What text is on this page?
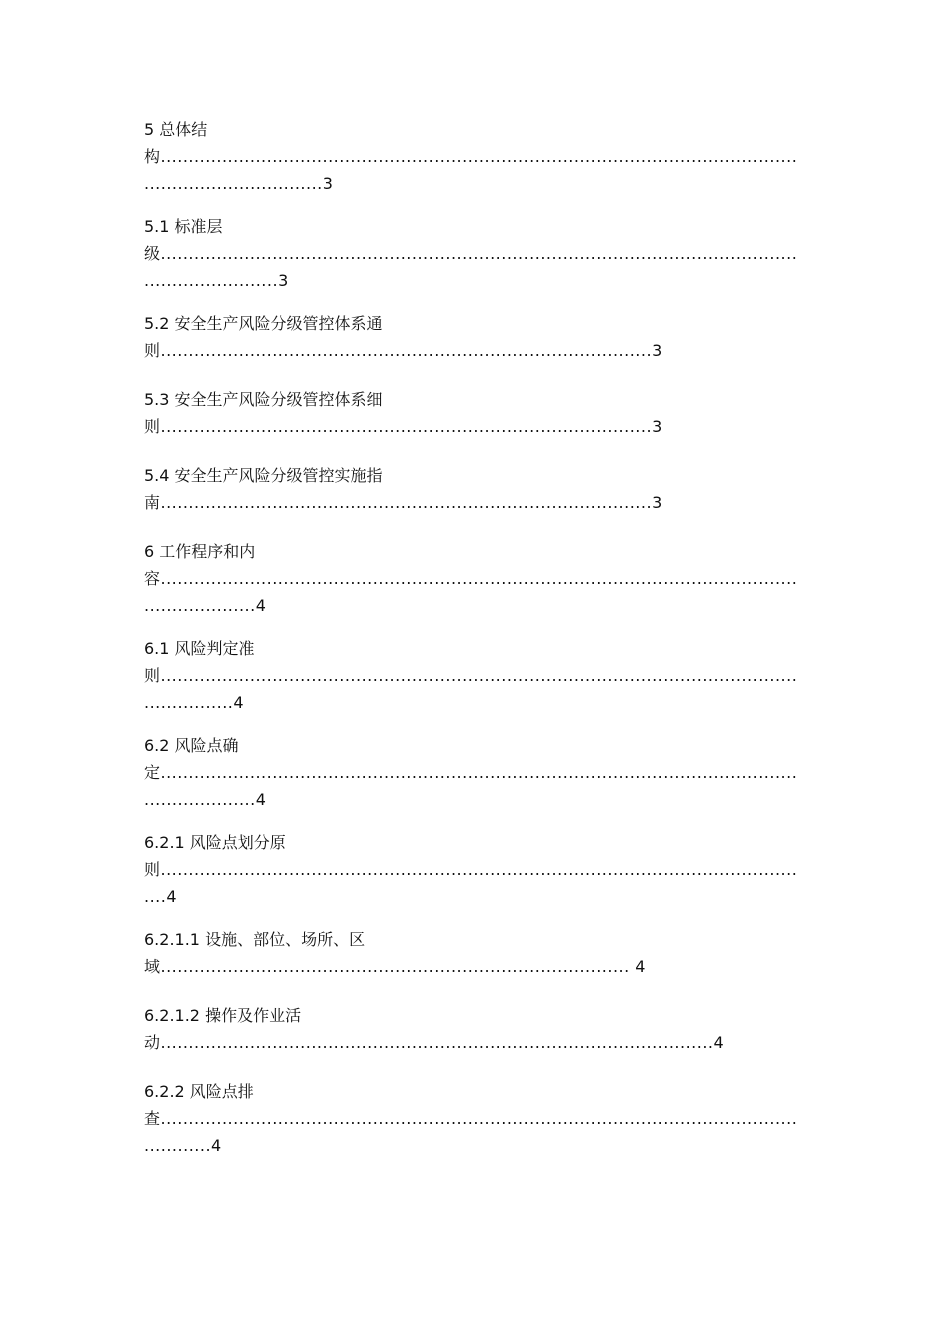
5 总体结
构..................................................................................................................
................................3
5.1 标准层
级..................................................................................................................
........................3
5.2 安全生产风险分级管控体系通
则........................................................................................3
5.3 安全生产风险分级管控体系细
则........................................................................................3
5.4 安全生产风险分级管控实施指
南........................................................................................3
6 工作程序和内
容..................................................................................................................
....................4
6.1 风险判定准
则..................................................................................................................
................4
6.2 风险点确
定..................................................................................................................
....................4
6.2.1 风险点划分原
则..................................................................................................................
....4
6.2.1.1 设施、部位、场所、区
域.................................................................................... 4
6.2.1.2 操作及作业活
动...................................................................................................4
6.2.2 风险点排
查..................................................................................................................
............4
